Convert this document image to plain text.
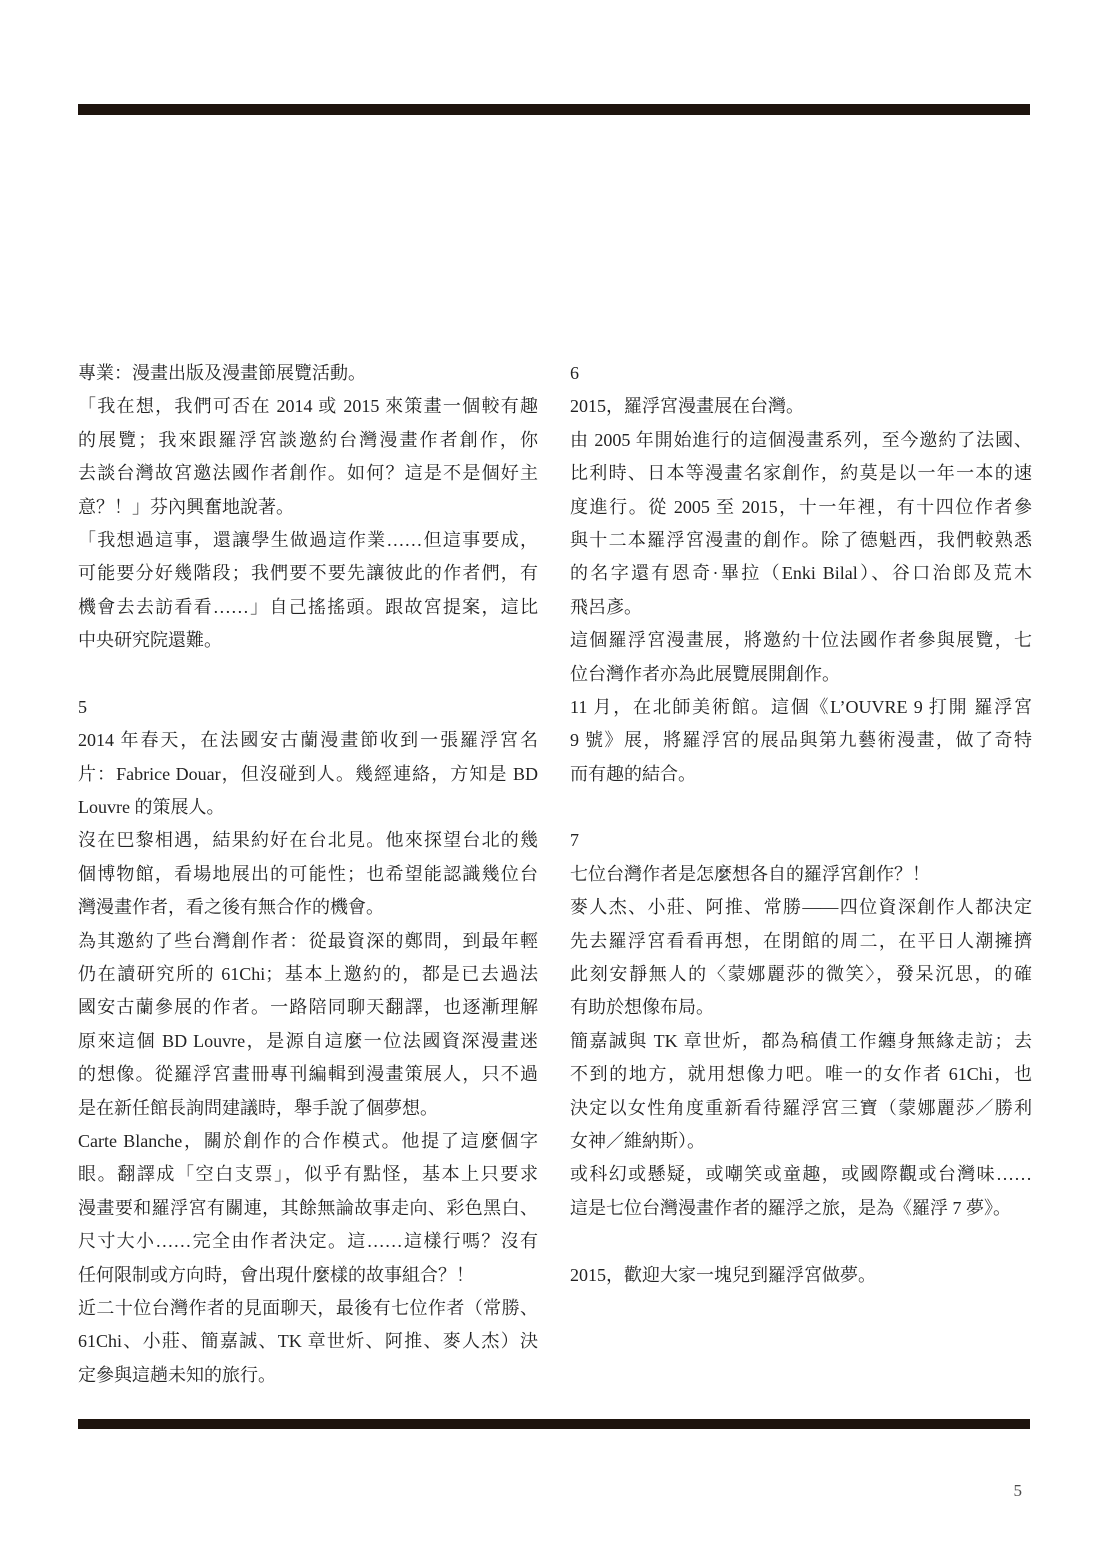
專業：漫畫出版及漫畫節展覽活動。
「我在想，我們可否在 2014 或 2015 來策畫一個較有趣
的展覽；我來跟羅浮宮談邀約台灣漫畫作者創作，你
去談台灣故宮邀法國作者創作。如何？這是不是個好主
意？！」芬內興奮地說著。
「我想過這事，還讓學生做過這作業……但這事要成，
可能要分好幾階段；我們要不要先讓彼此的作者們，有
機會去去訪看看……」自己搖搖頭。跟故宮提案，這比
中央研究院還難。
5
2014 年春天，在法國安古蘭漫畫節收到一張羅浮宮名
片：Fabrice Douar，但沒碰到人。幾經連絡，方知是 BD
Louvre 的策展人。
沒在巴黎相遇，結果約好在台北見。他來探望台北的幾
個博物館，看場地展出的可能性；也希望能認識幾位台
灣漫畫作者，看之後有無合作的機會。
為其邀約了些台灣創作者：從最資深的鄭問，到最年輕
仍在讀研究所的 61Chi；基本上邀約的，都是已去過法
國安古蘭參展的作者。一路陪同聊天翻譯，也逐漸理解
原來這個 BD Louvre，是源自這麼一位法國資深漫畫迷
的想像。從羅浮宮畫冊專刊編輯到漫畫策展人，只不過
是在新任館長詢問建議時，舉手說了個夢想。
Carte Blanche，關於創作的合作模式。他提了這麼個字
眼。翻譯成「空白支票」，似乎有點怪，基本上只要求
漫畫要和羅浮宮有關連，其餘無論故事走向、彩色黑白、
尺寸大小……完全由作者決定。這……這樣行嗎？沒有
任何限制或方向時，會出現什麼樣的故事組合？！
近二十位台灣作者的見面聊天，最後有七位作者（常勝、
61Chi、小莊、簡嘉誠、TK 章世炘、阿推、麥人杰）決
定參與這趟未知的旅行。
6
2015，羅浮宮漫畫展在台灣。
由 2005 年開始進行的這個漫畫系列，至今邀約了法國、
比利時、日本等漫畫名家創作，約莫是以一年一本的速
度進行。從 2005 至 2015，十一年裡，有十四位作者參
與十二本羅浮宮漫畫的創作。除了德魁西，我們較熟悉
的名字還有恩奇·畢拉（Enki Bilal）、谷口治郎及荒木
飛呂彥。
這個羅浮宮漫畫展，將邀約十位法國作者參與展覽，七
位台灣作者亦為此展覽展開創作。
11 月，在北師美術館。這個《L’OUVRE 9 打開 羅浮宮
9 號》展，將羅浮宮的展品與第九藝術漫畫，做了奇特
而有趣的結合。
7
七位台灣作者是怎麼想各自的羅浮宮創作？！
麥人杰、小莊、阿推、常勝——四位資深創作人都決定
先去羅浮宮看看再想，在閉館的周二，在平日人潮擁擠
此刻安靜無人的〈蒙娜麗莎的微笑〉，發呆沉思，的確
有助於想像布局。
簡嘉誠與 TK 章世炘，都為稿債工作纏身無緣走訪；去
不到的地方，就用想像力吧。唯一的女作者 61Chi，也
決定以女性角度重新看待羅浮宮三寶（蒙娜麗莎／勝利
女神／維納斯）。
或科幻或懸疑，或嘲笑或童趣，或國際觀或台灣味……
這是七位台灣漫畫作者的羅浮之旅，是為《羅浮 7 夢》。
2015，歡迎大家一塊兒到羅浮宮做夢。
5
